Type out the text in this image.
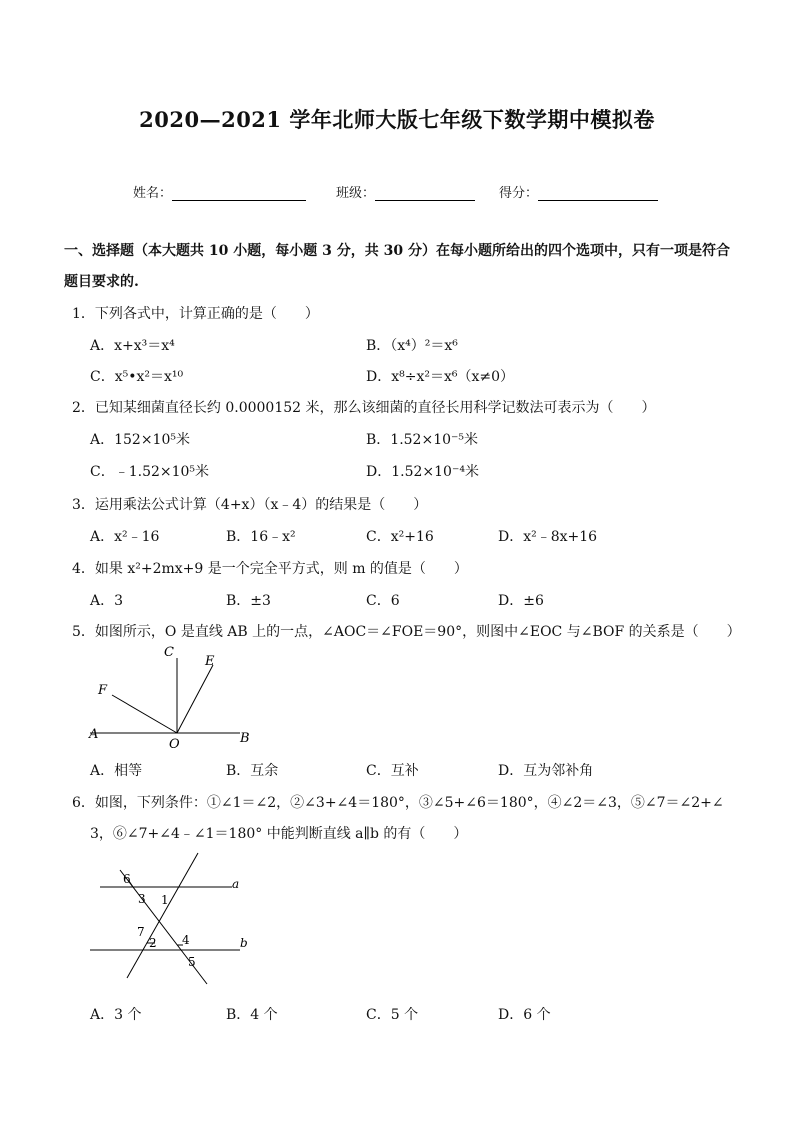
2020—2021 学年北师大版七年级下数学期中模拟卷
姓名：	班级：	得分：
一、选择题（本大题共 10 小题，每小题 3 分，共 30 分）在每小题所给出的四个选项中，只有一项是符合
题目要求的.
1．下列各式中，计算正确的是（　　）
A．x+x³＝x⁴	B．（x⁴）²＝x⁶
C．x⁵•x²＝x¹⁰	D．x⁸÷x²＝x⁶（x≠0）
2．已知某细菌直径长约 0.0000152 米，那么该细菌的直径长用科学记数法可表示为（　　）
A．152×10⁵米	B．1.52×10⁻⁵米
C．﹣1.52×10⁵米	D．1.52×10⁻⁴米
3．运用乘法公式计算（4+x）（x﹣4）的结果是（　　）
A．x²﹣16	B．16﹣x²	C．x²+16	D．x²﹣8x+16
4．如果 x²+2mx+9 是一个完全平方式，则 m 的值是（　　）
A．3	B．±3	C．6	D．±6
5．如图所示，O 是直线 AB 上的一点，∠AOC＝∠FOE＝90°，则图中∠EOC 与∠BOF 的关系是（　　）
C
E
F
A
O	B
A．相等	B．互余	C．互补	D．互为邻补角
6．如图，下列条件：①∠1＝∠2，②∠3+∠4＝180°，③∠5+∠6＝180°，④∠2＝∠3，⑤∠7＝∠2+∠
3，⑥∠7+∠4﹣∠1＝180° 中能判断直线 a∥b 的有（　　）
6
3 1
a
7
2 4	b
5
A．3 个	B．4 个	C．5 个	D．6 个
